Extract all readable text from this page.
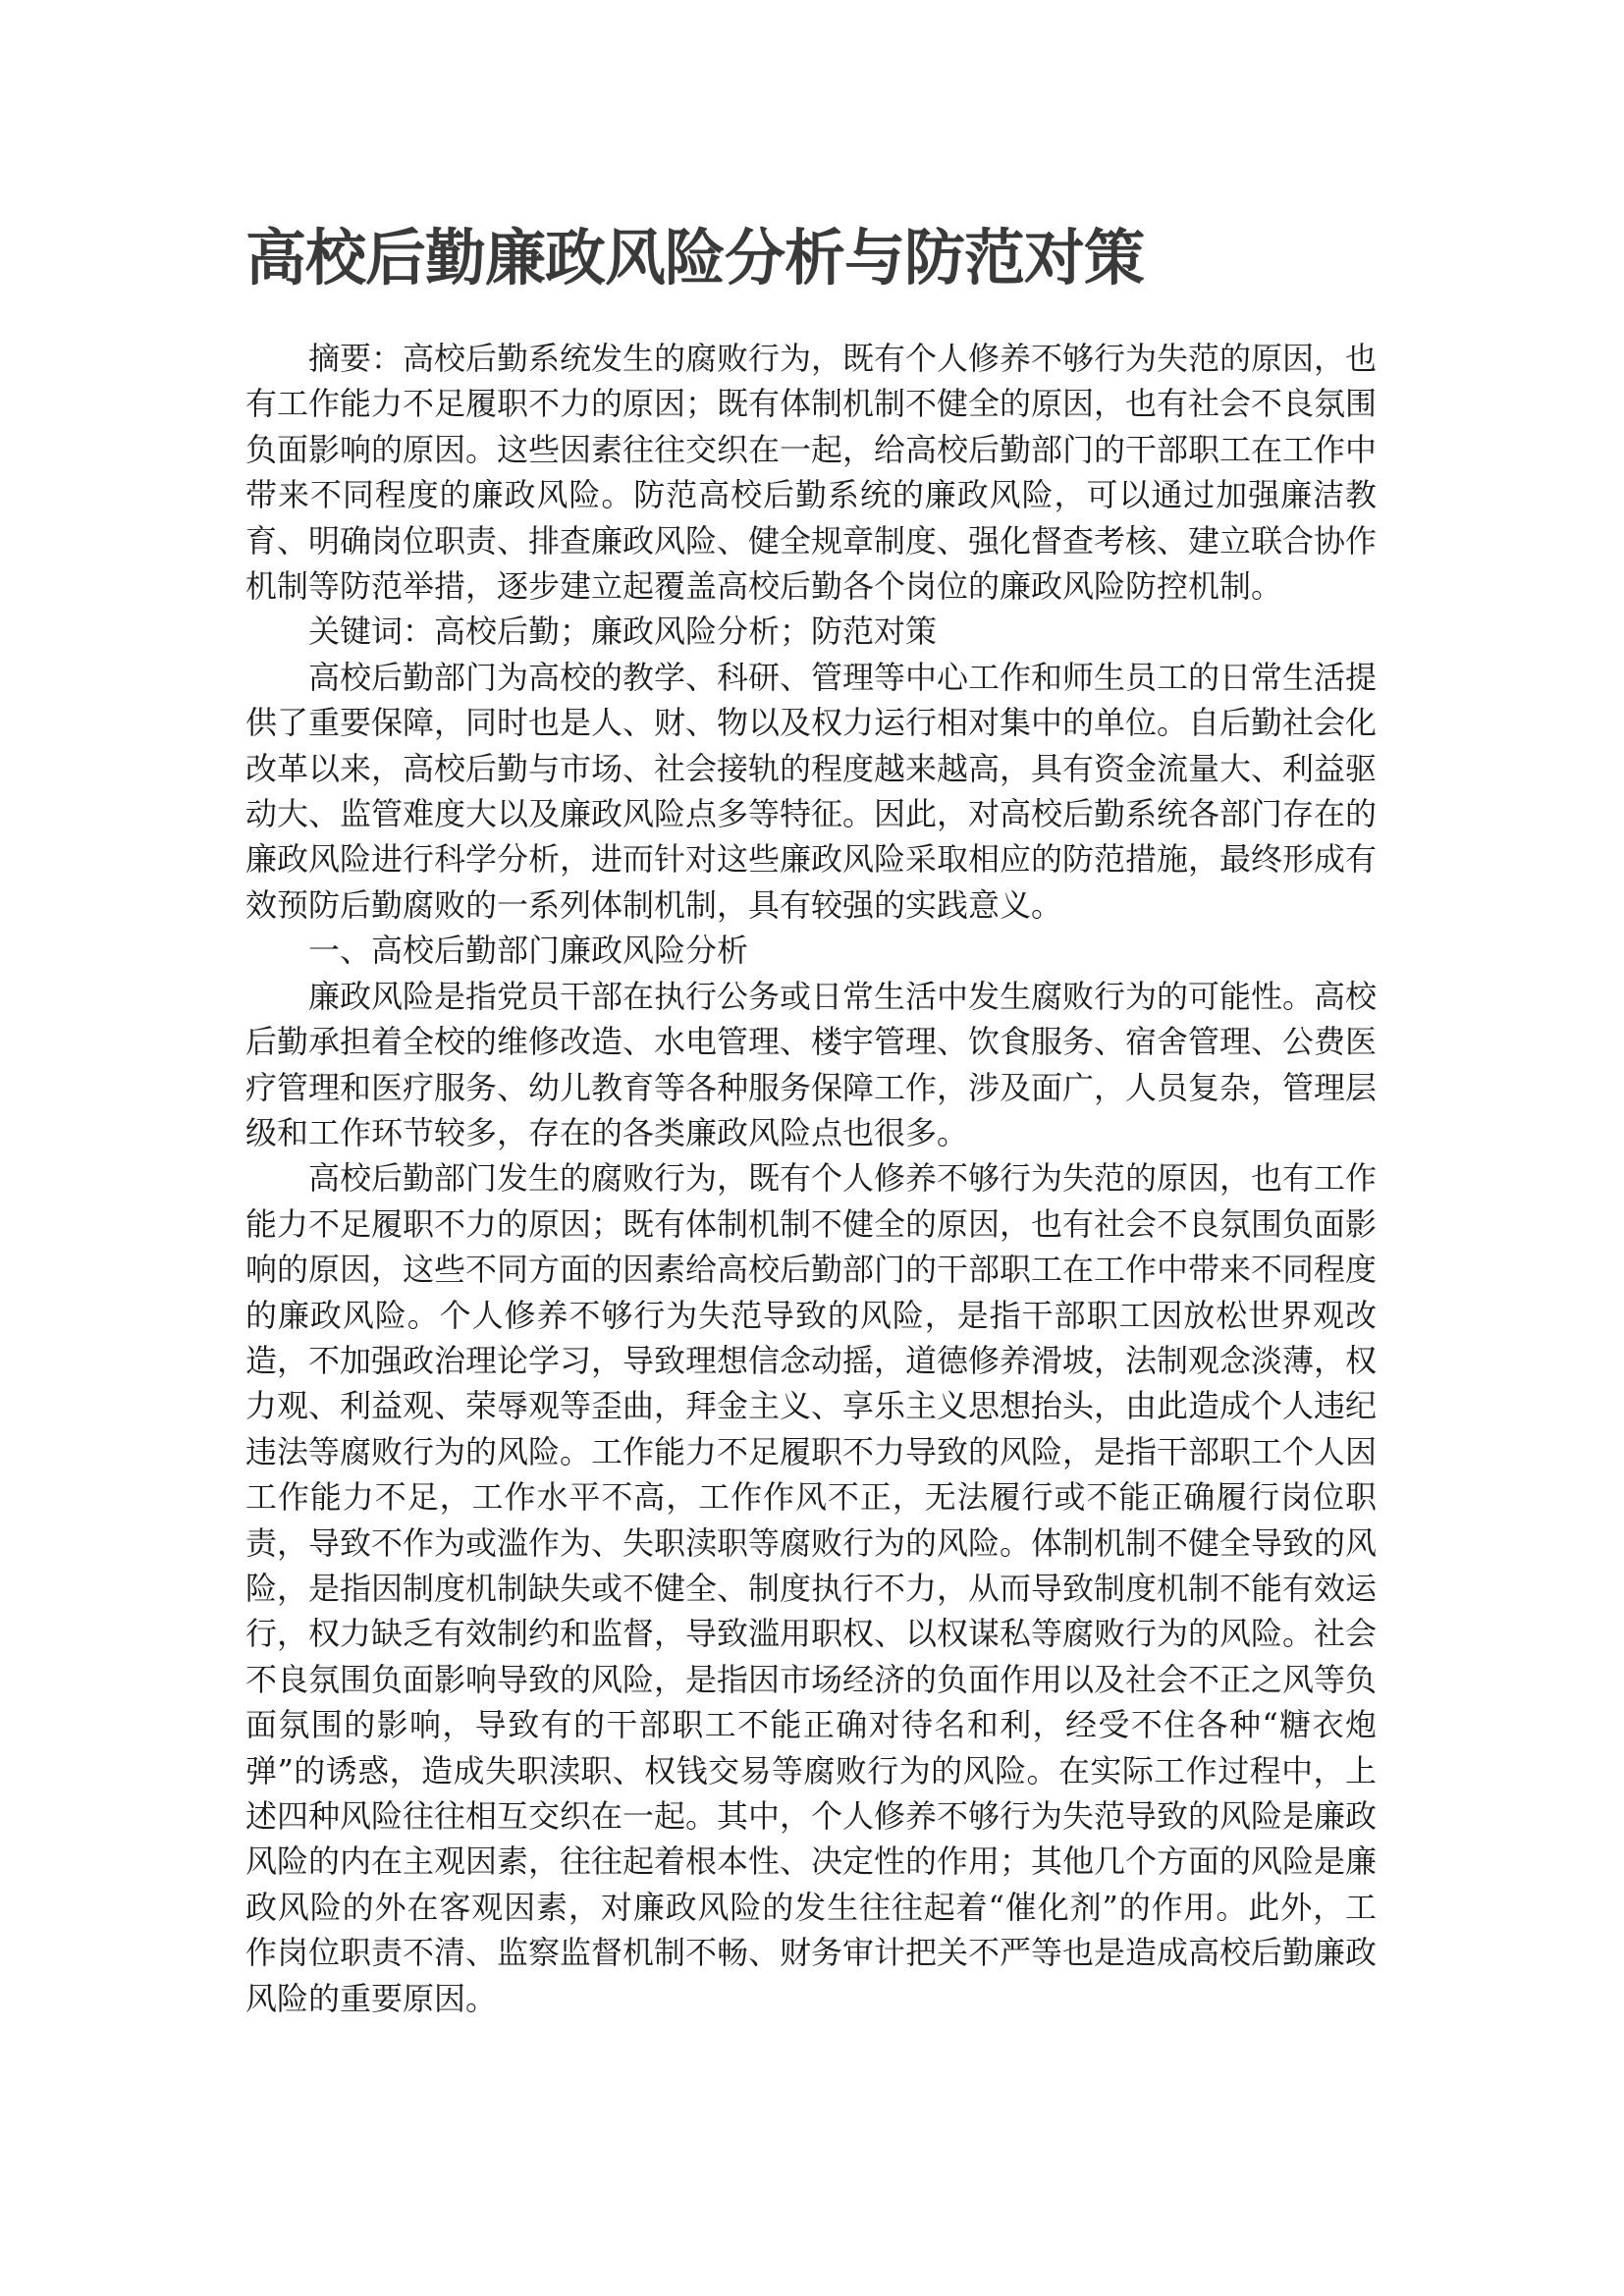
高校后勤廉政风险分析与防范对策

摘要：高校后勤系统发生的腐败行为，既有个人修养不够行为失范的原因，也有工作能力不足履职不力的原因；既有体制机制不健全的原因，也有社会不良氛围负面影响的原因。这些因素往往交织在一起，给高校后勤部门的干部职工在工作中带来不同程度的廉政风险。防范高校后勤系统的廉政风险，可以通过加强廉洁教育、明确岗位职责、排查廉政风险、健全规章制度、强化督查考核、建立联合协作机制等防范举措，逐步建立起覆盖高校后勤各个岗位的廉政风险防控机制。

关键词：高校后勤；廉政风险分析；防范对策

高校后勤部门为高校的教学、科研、管理等中心工作和师生员工的日常生活提供了重要保障，同时也是人、财、物以及权力运行相对集中的单位。自后勤社会化改革以来，高校后勤与市场、社会接轨的程度越来越高，具有资金流量大、利益驱动大、监管难度大以及廉政风险点多等特征。因此，对高校后勤系统各部门存在的廉政风险进行科学分析，进而针对这些廉政风险采取相应的防范措施，最终形成有效预防后勤腐败的一系列体制机制，具有较强的实践意义。

一、高校后勤部门廉政风险分析

廉政风险是指党员干部在执行公务或日常生活中发生腐败行为的可能性。高校后勤承担着全校的维修改造、水电管理、楼宇管理、饮食服务、宿舍管理、公费医疗管理和医疗服务、幼儿教育等各种服务保障工作，涉及面广，人员复杂，管理层级和工作环节较多，存在的各类廉政风险点也很多。

高校后勤部门发生的腐败行为，既有个人修养不够行为失范的原因，也有工作能力不足履职不力的原因；既有体制机制不健全的原因，也有社会不良氛围负面影响的原因，这些不同方面的因素给高校后勤部门的干部职工在工作中带来不同程度的廉政风险。个人修养不够行为失范导致的风险，是指干部职工因放松世界观改造，不加强政治理论学习，导致理想信念动摇，道德修养滑坡，法制观念淡薄，权力观、利益观、荣辱观等歪曲，拜金主义、享乐主义思想抬头，由此造成个人违纪违法等腐败行为的风险。工作能力不足履职不力导致的风险，是指干部职工个人因工作能力不足，工作水平不高，工作作风不正，无法履行或不能正确履行岗位职责，导致不作为或滥作为、失职渎职等腐败行为的风险。体制机制不健全导致的风险，是指因制度机制缺失或不健全、制度执行不力，从而导致制度机制不能有效运行，权力缺乏有效制约和监督，导致滥用职权、以权谋私等腐败行为的风险。社会不良氛围负面影响导致的风险，是指因市场经济的负面作用以及社会不正之风等负面氛围的影响，导致有的干部职工不能正确对待名和利，经受不住各种“糖衣炮弹”的诱惑，造成失职渎职、权钱交易等腐败行为的风险。在实际工作过程中，上述四种风险往往相互交织在一起。其中，个人修养不够行为失范导致的风险是廉政风险的内在主观因素，往往起着根本性、决定性的作用；其他几个方面的风险是廉政风险的外在客观因素，对廉政风险的发生往往起着“催化剂”的作用。此外，工作岗位职责不清、监察监督机制不畅、财务审计把关不严等也是造成高校后勤廉政风险的重要原因。
